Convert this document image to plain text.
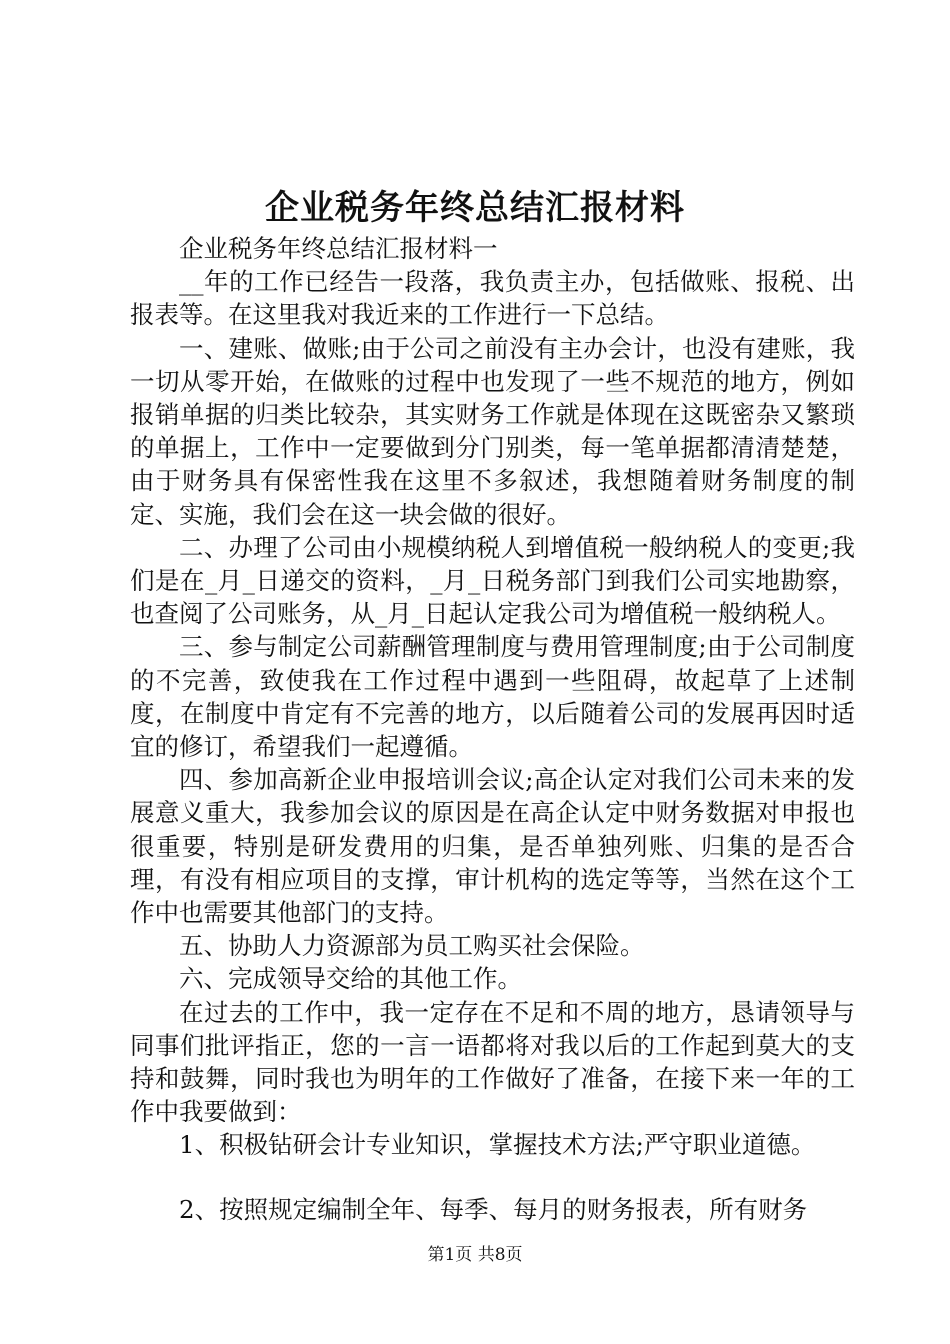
企业税务年终总结汇报材料

企业税务年终总结汇报材料一

__年的工作已经告一段落，我负责主办，包括做账、报税、出报表等。在这里我对我近来的工作进行一下总结。

一、建账、做账;由于公司之前没有主办会计，也没有建账，我一切从零开始，在做账的过程中也发现了一些不规范的地方，例如报销单据的归类比较杂，其实财务工作就是体现在这既密杂又繁琐的单据上，工作中一定要做到分门别类，每一笔单据都清清楚楚，由于财务具有保密性我在这里不多叙述，我想随着财务制度的制定、实施，我们会在这一块会做的很好。

二、办理了公司由小规模纳税人到增值税一般纳税人的变更;我们是在_月_日递交的资料，_月_日税务部门到我们公司实地勘察，也查阅了公司账务，从_月_日起认定我公司为增值税一般纳税人。

三、参与制定公司薪酬管理制度与费用管理制度;由于公司制度的不完善，致使我在工作过程中遇到一些阻碍，故起草了上述制度，在制度中肯定有不完善的地方，以后随着公司的发展再因时适宜的修订，希望我们一起遵循。

四、参加高新企业申报培训会议;高企认定对我们公司未来的发展意义重大，我参加会议的原因是在高企认定中财务数据对申报也很重要，特别是研发费用的归集，是否单独列账、归集的是否合理，有没有相应项目的支撑，审计机构的选定等等，当然在这个工作中也需要其他部门的支持。

五、协助人力资源部为员工购买社会保险。

六、完成领导交给的其他工作。

在过去的工作中，我一定存在不足和不周的地方，恳请领导与同事们批评指正，您的一言一语都将对我以后的工作起到莫大的支持和鼓舞，同时我也为明年的工作做好了准备，在接下来一年的工作中我要做到：

1、积极钻研会计专业知识，掌握技术方法;严守职业道德。

2、按照规定编制全年、每季、每月的财务报表，所有财务

第1页 共8页
